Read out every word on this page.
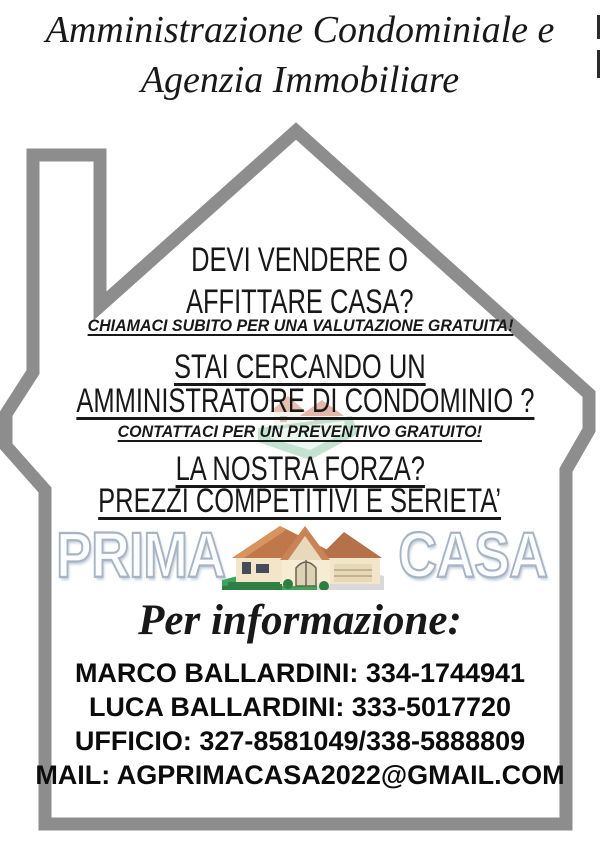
Amministrazione Condominiale e
Agenzia Immobiliare
DEVI VENDERE O
AFFITTARE CASA?
CHIAMACI SUBITO PER UNA VALUTAZIONE GRATUITA!
STAI CERCANDO UN
AMMINISTRATORE DI CONDOMINIO ?
CONTATTACI PER UN PREVENTIVO GRATUITO!
LA NOSTRA FORZA?
PREZZI COMPETITIVI E SERIETA’
PRIMA	CASA
Per informazione:
MARCO BALLARDINI: 334-1744941
LUCA BALLARDINI: 333-5017720
UFFICIO: 327-8581049/338-5888809
MAIL: AGPRIMACASA2022@GMAIL.COM
